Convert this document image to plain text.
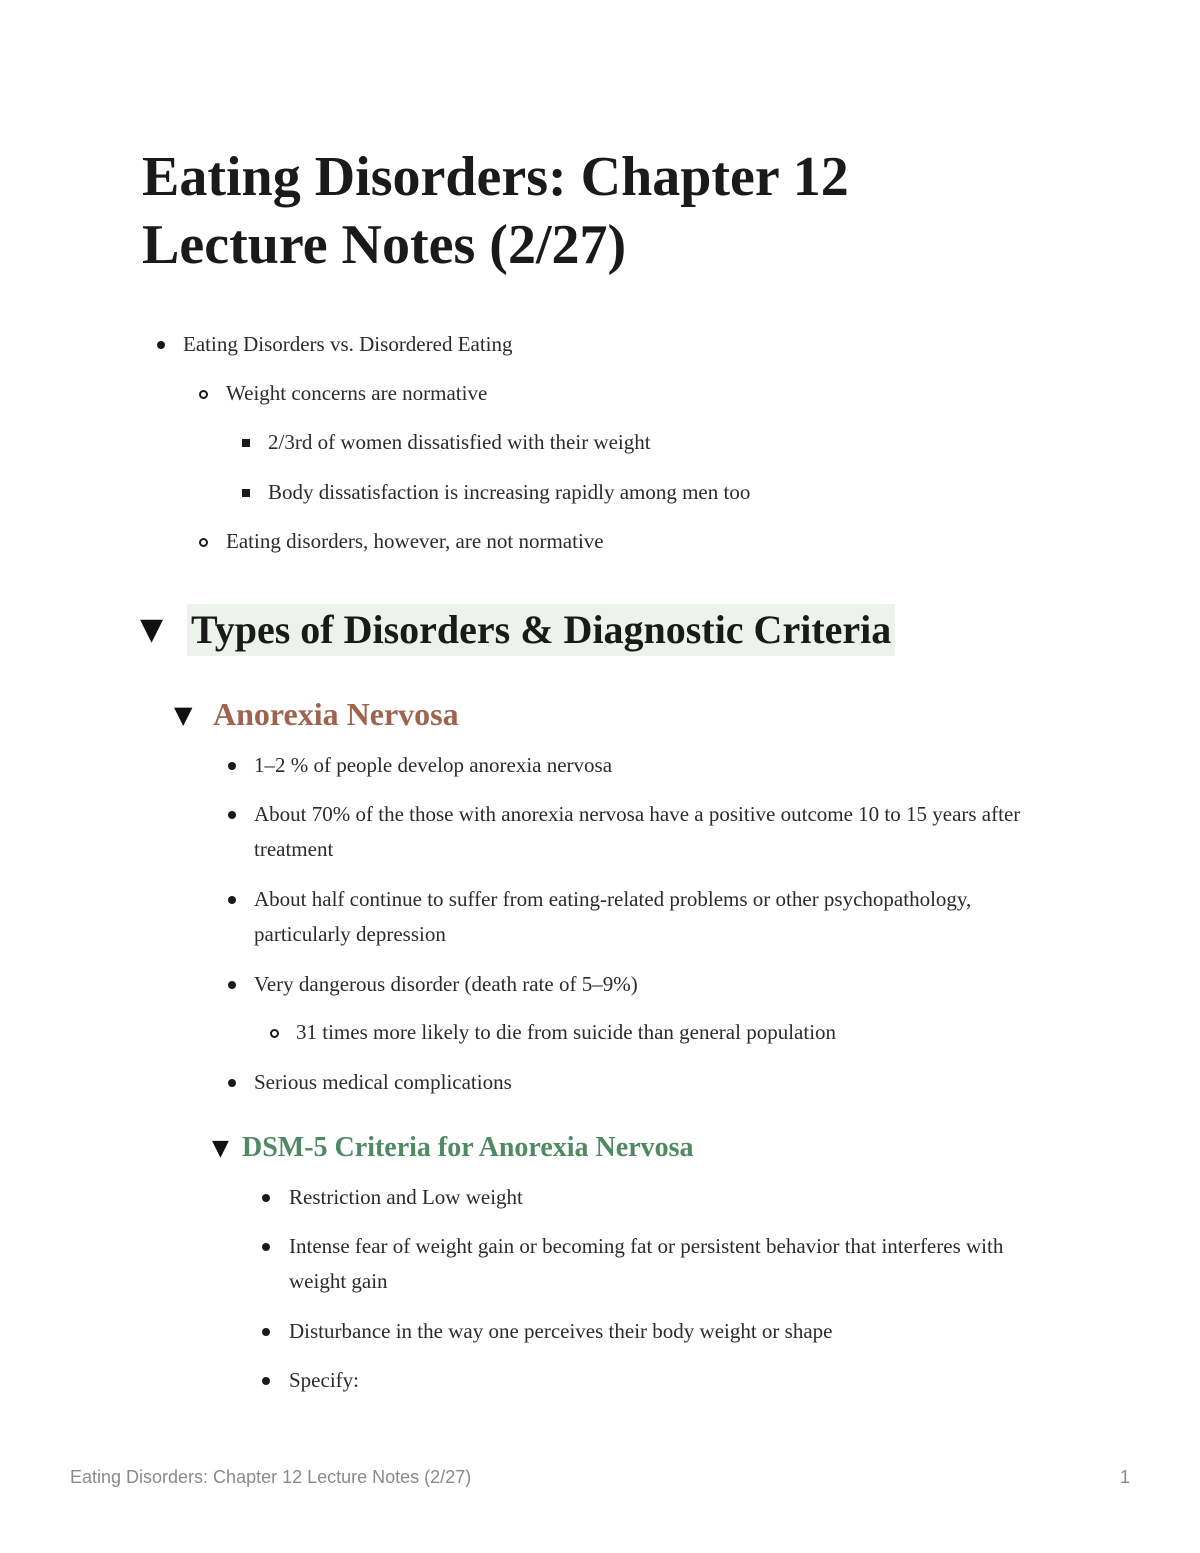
Eating Disorders: Chapter 12 Lecture Notes (2/27)
Eating Disorders vs. Disordered Eating
Weight concerns are normative
2/3rd of women dissatisfied with their weight
Body dissatisfaction is increasing rapidly among men too
Eating disorders, however, are not normative
▼ Types of Disorders & Diagnostic Criteria
▼ Anorexia Nervosa
1–2 % of people develop anorexia nervosa
About 70% of the those with anorexia nervosa have a positive outcome 10 to 15 years after treatment
About half continue to suffer from eating-related problems or other psychopathology, particularly depression
Very dangerous disorder (death rate of 5–9%)
31 times more likely to die from suicide than general population
Serious medical complications
▼ DSM-5 Criteria for Anorexia Nervosa
Restriction and Low weight
Intense fear of weight gain or becoming fat or persistent behavior that interferes with weight gain
Disturbance in the way one perceives their body weight or shape
Specify:
Eating Disorders: Chapter 12 Lecture Notes (2/27)	1
